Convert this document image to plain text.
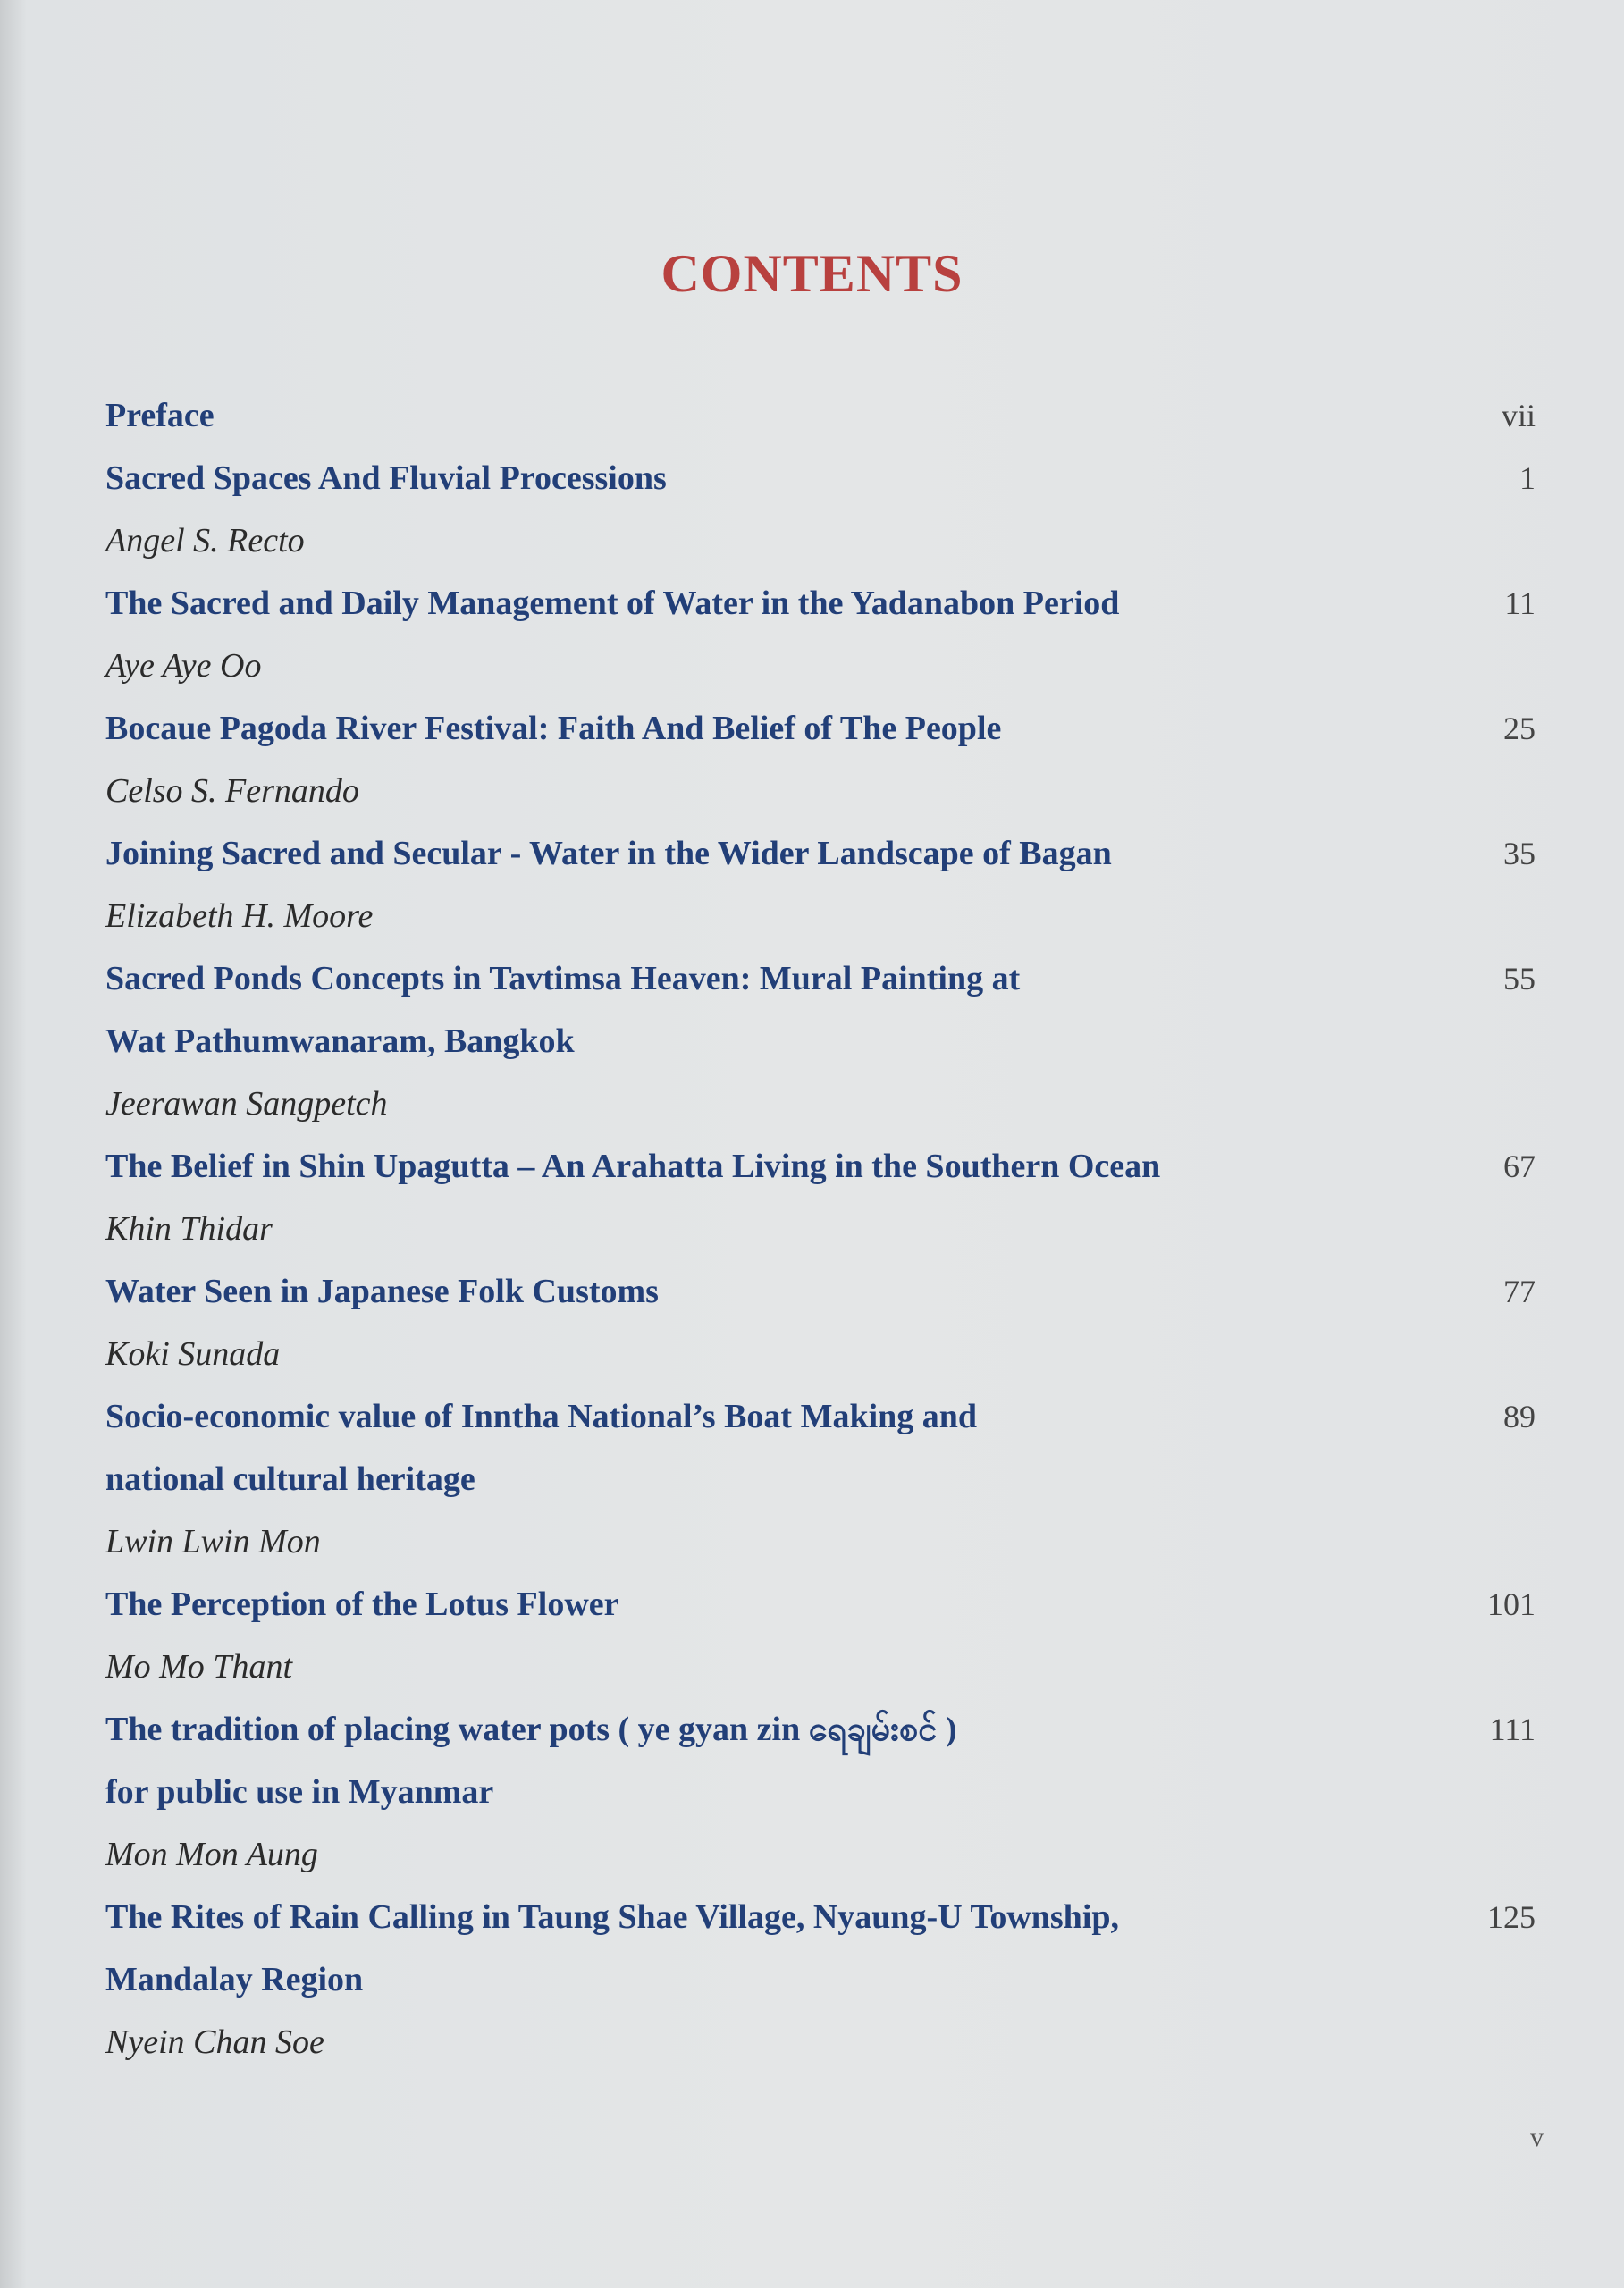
CONTENTS
Preface	vii
Sacred Spaces And Fluvial Processions
Angel S. Recto
1
The Sacred and Daily Management of Water in the Yadanabon Period
Aye Aye Oo
11
Bocaue Pagoda River Festival: Faith And Belief of The People
Celso S. Fernando
25
Joining Sacred and Secular - Water in the Wider Landscape of Bagan
Elizabeth H. Moore
35
Sacred Ponds Concepts in Tavtimsa Heaven: Mural Painting at
Wat Pathumwanaram, Bangkok
Jeerawan Sangpetch
55
The Belief in Shin Upagutta – An Arahatta Living in the Southern Ocean
Khin Thidar
67
Water Seen in Japanese Folk Customs
Koki Sunada
77
Socio-economic value of Inntha National’s Boat Making and
national cultural heritage
Lwin Lwin Mon
89
The Perception of the Lotus Flower
Mo Mo Thant
101
The tradition of placing water pots ( ye gyan zin ရေချမ်းစင် )
for public use in Myanmar
Mon Mon Aung
111
The Rites of Rain Calling in Taung Shae Village, Nyaung-U Township,
Mandalay Region
Nyein Chan Soe
125
v
